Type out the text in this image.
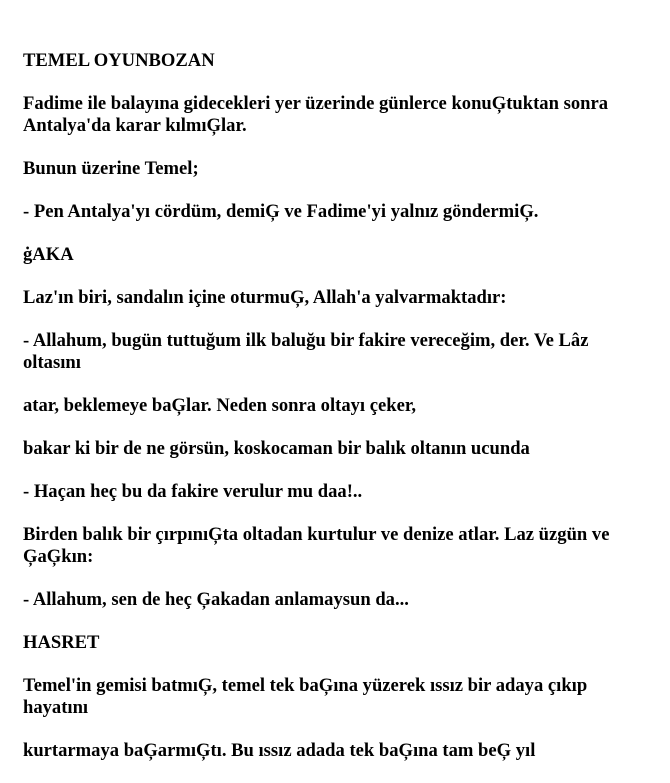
TEMEL OYUNBOZAN

Fadime ile balayına gidecekleri yer üzerinde günlerce konuĢtuktan sonra Antalya'da karar kılmıĢlar.

Bunun üzerine Temel;

- Pen Antalya'yı cördüm, demiĢ ve Fadime'yi yalnız göndermiĢ.

ġAKA

Laz'ın biri, sandalın içine oturmuĢ, Allah'a yalvarmaktadır:

- Allahum, bugün tuttuğum ilk baluğu bir fakire vereceğim, der. Ve Lâz oltasını

atar, beklemeye baĢlar. Neden sonra oltayı çeker,

bakar ki bir de ne görsün, koskocaman bir balık oltanın ucunda

- Haçan heç bu da fakire verulur mu daa!..

Birden balık bir çırpınıĢta oltadan kurtulur ve denize atlar. Laz üzgün ve ĢaĢkın:

- Allahum, sen de heç Ģakadan anlamaysun da...

HASRET

Temel'in gemisi batmıĢ, temel tek baĢına yüzerek ıssız bir adaya çıkıp hayatını

kurtarmaya baĢarmıĢtı. Bu ıssız adada tek baĢına tam beĢ yıl
